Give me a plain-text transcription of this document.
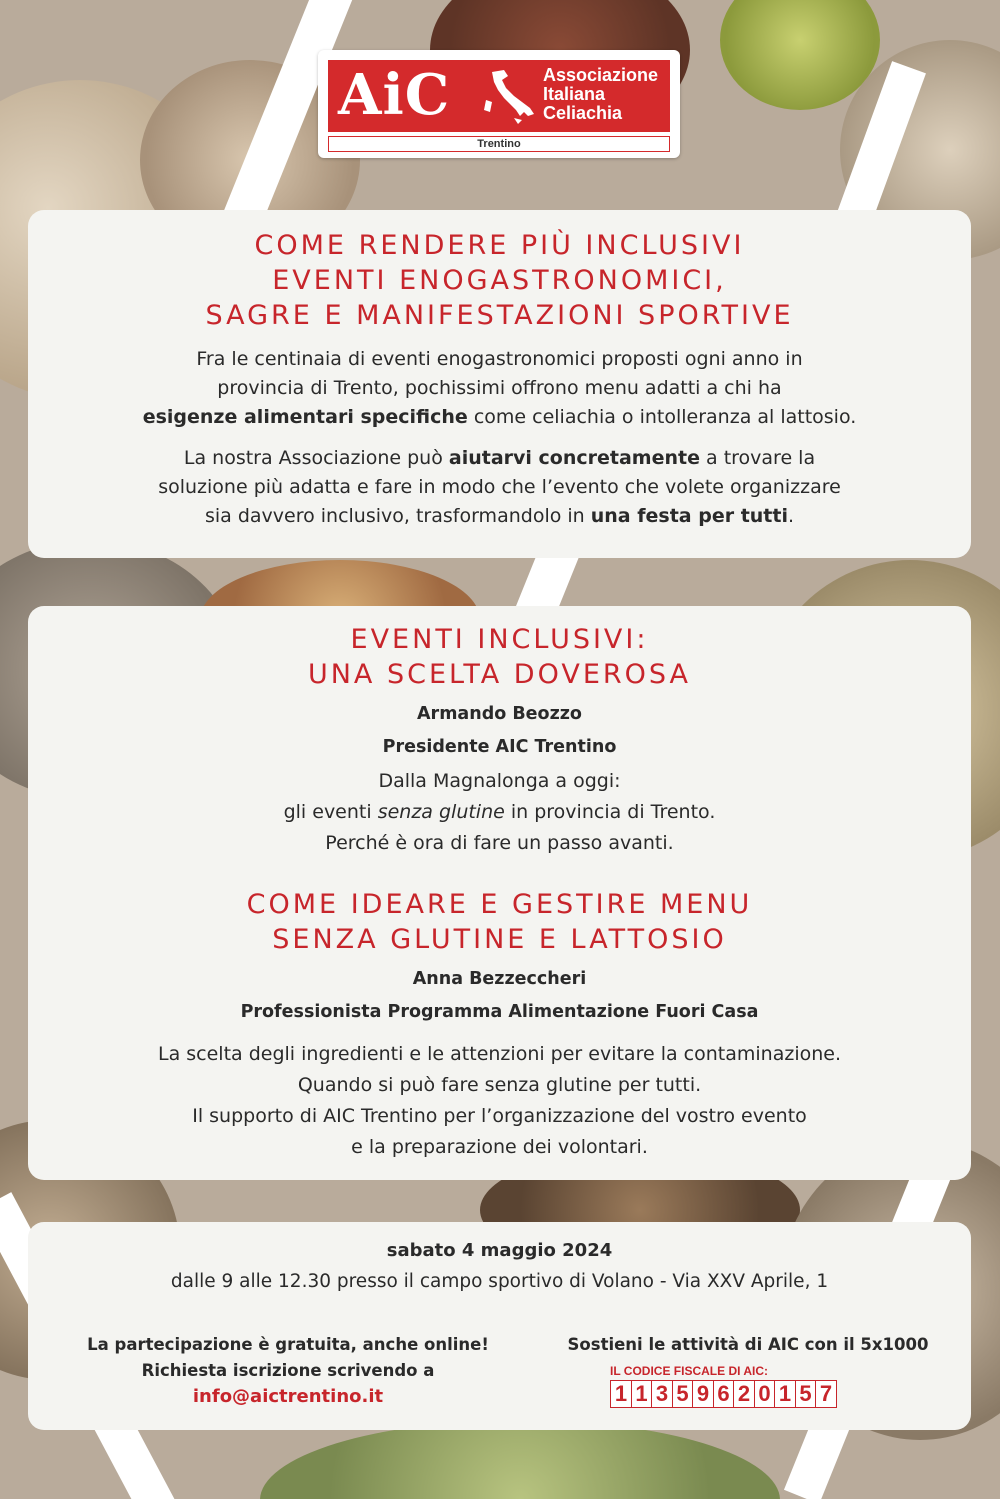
AiC	Associazione
Italiana
Celiachia
Trentino
COME RENDERE PIÙ INCLUSIVI
EVENTI ENOGASTRONOMICI,
SAGRE E MANIFESTAZIONI SPORTIVE
Fra le centinaia di eventi enogastronomici proposti ogni anno in
provincia di Trento, pochissimi offrono menu adatti a chi ha
esigenze alimentari specifiche come celiachia o intolleranza al lattosio.
La nostra Associazione può aiutarvi concretamente a trovare la
soluzione più adatta e fare in modo che l’evento che volete organizzare
sia davvero inclusivo, trasformandolo in una festa per tutti.
EVENTI INCLUSIVI:
UNA SCELTA DOVEROSA
Armando Beozzo
Presidente AIC Trentino
Dalla Magnalonga a oggi:
gli eventi senza glutine in provincia di Trento.
Perché è ora di fare un passo avanti.
COME IDEARE E GESTIRE MENU
SENZA GLUTINE E LATTOSIO
Anna Bezzeccheri
Professionista Programma Alimentazione Fuori Casa
La scelta degli ingredienti e le attenzioni per evitare la contaminazione.
Quando si può fare senza glutine per tutti.
Il supporto di AIC Trentino per l’organizzazione del vostro evento
e la preparazione dei volontari.
sabato 4 maggio 2024
dalle 9 alle 12.30 presso il campo sportivo di Volano - Via XXV Aprile, 1
La partecipazione è gratuita, anche online!
Richiesta iscrizione scrivendo a
info@aictrentino.it
Sostieni le attività di AIC con il 5x1000
IL CODICE FISCALE DI AIC:
1 1 3 5 9 6 2 0 1 5 7
